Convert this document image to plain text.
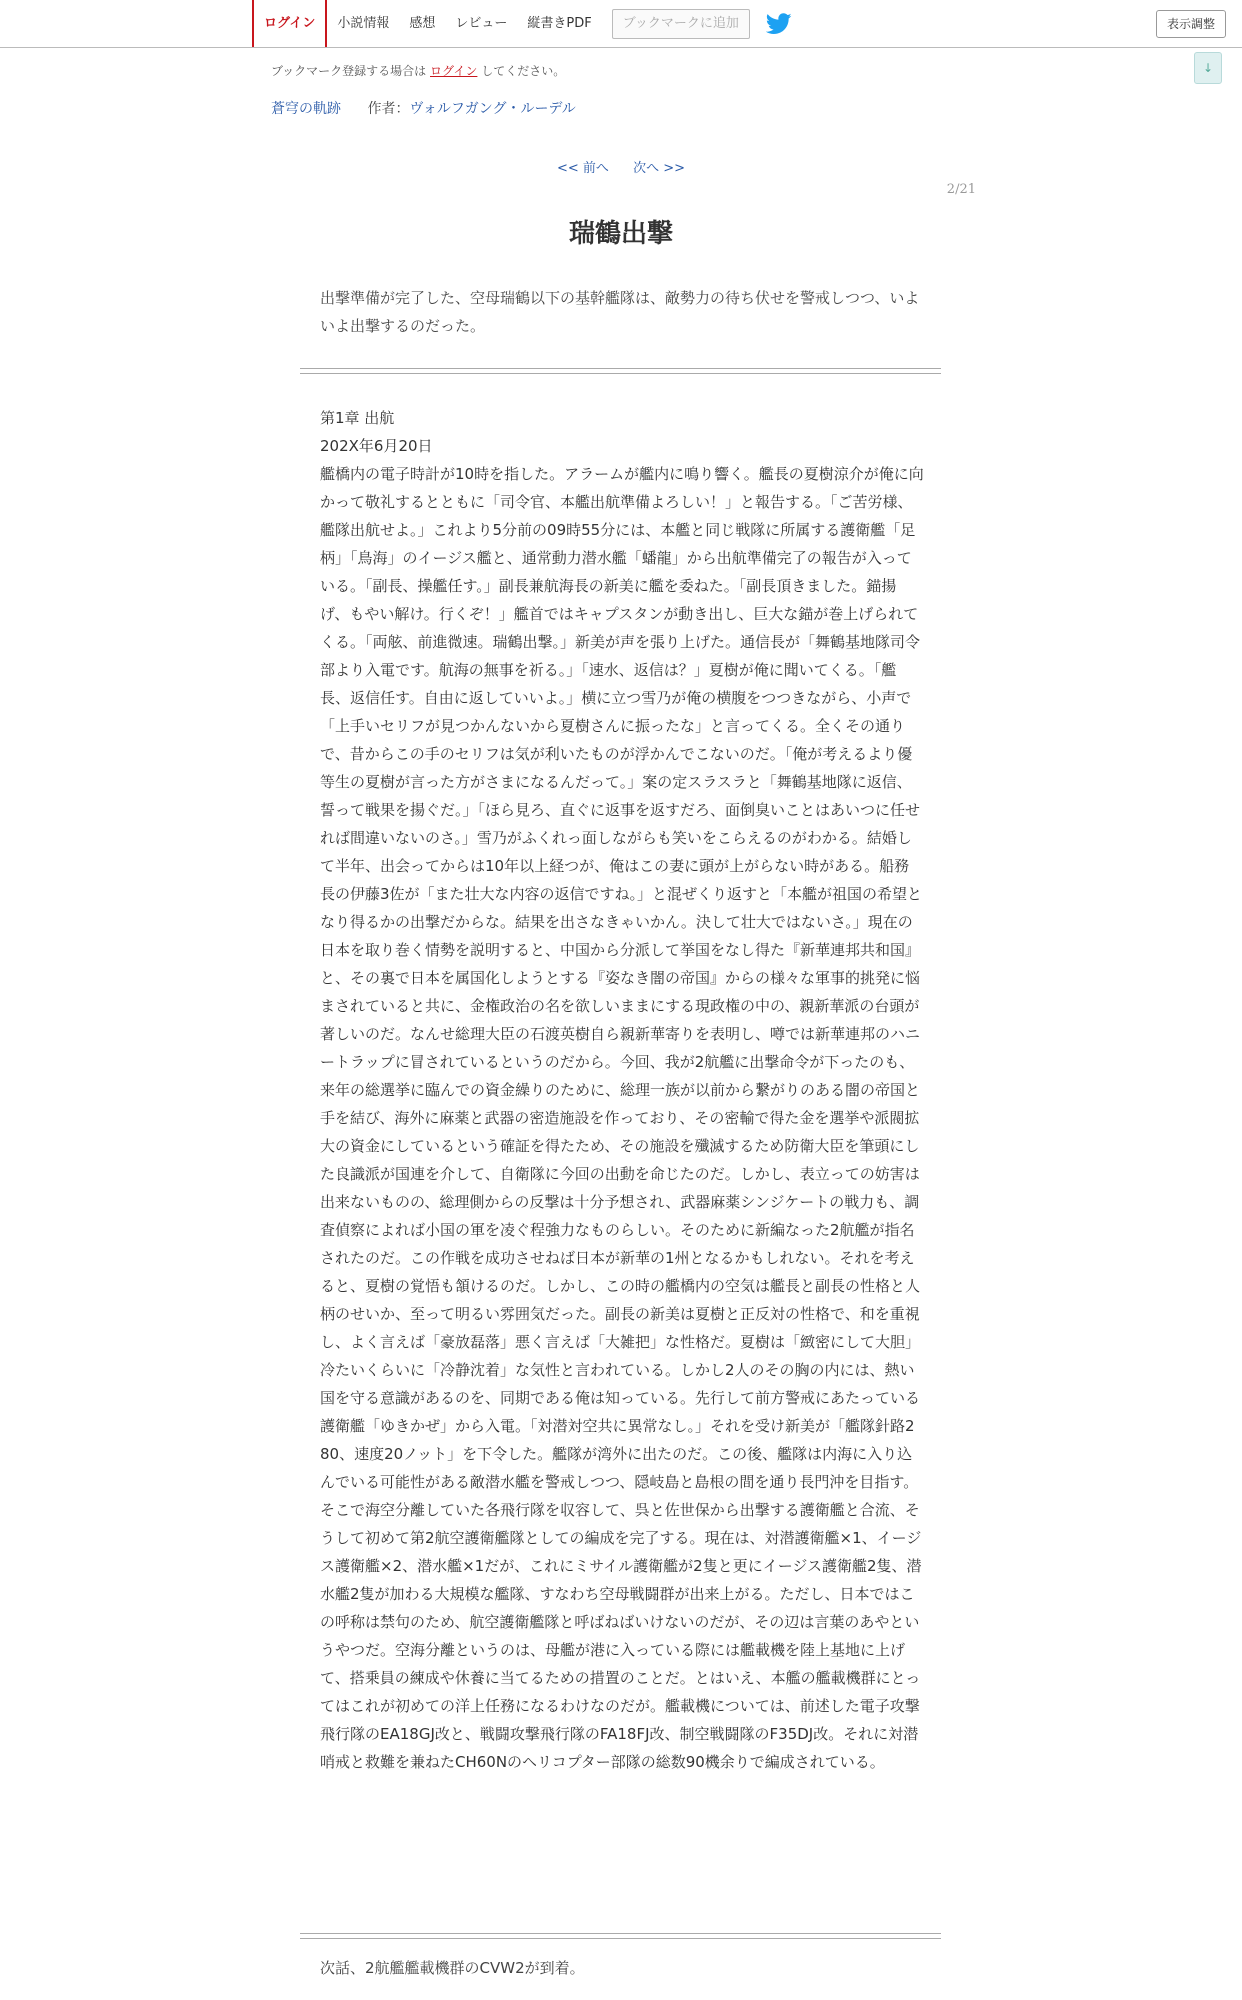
ログイン	小説情報	感想	レビュー	縦書きPDF	ブックマークに追加	表示調整
↓
ブックマーク登録する場合は ログイン してください。
蒼穹の軌跡 作者：ヴォルフガング・ルーデル
<< 前へ 次へ >>
2/21
瑞鶴出撃
出撃準備が完了した、空母瑞鶴以下の基幹艦隊は、敵勢力の待ち伏せを警戒しつつ、いよいよ出撃するのだった。
第1章 出航
202X年6月20日
艦橋内の電子時計が10時を指した。アラームが艦内に鳴り響く。艦長の夏樹涼介が俺に向かって敬礼するとともに「司令官、本艦出航準備よろしい！」と報告する。「ご苦労様、艦隊出航せよ。」これより5分前の09時55分には、本艦と同じ戦隊に所属する護衛艦「足柄」「鳥海」のイージス艦と、通常動力潜水艦「蟠龍」から出航準備完了の報告が入っている。「副長、操艦任す。」副長兼航海長の新美に艦を委ねた。「副長頂きました。錨揚げ、もやい解け。行くぞ！」艦首ではキャプスタンが動き出し、巨大な錨が巻上げられてくる。「両舷、前進微速。瑞鶴出撃。」新美が声を張り上げた。通信長が「舞鶴基地隊司令部より入電です。航海の無事を祈る。」「速水、返信は？」夏樹が俺に聞いてくる。「艦長、返信任す。自由に返していいよ。」横に立つ雪乃が俺の横腹をつつきながら、小声で「上手いセリフが見つかんないから夏樹さんに振ったな」と言ってくる。全くその通りで、昔からこの手のセリフは気が利いたものが浮かんでこないのだ。「俺が考えるより優等生の夏樹が言った方がさまになるんだって。」案の定スラスラと「舞鶴基地隊に返信、誓って戦果を揚ぐだ。」「ほら見ろ、直ぐに返事を返すだろ、面倒臭いことはあいつに任せれば間違いないのさ。」雪乃がふくれっ面しながらも笑いをこらえるのがわかる。結婚して半年、出会ってからは10年以上経つが、俺はこの妻に頭が上がらない時がある。船務長の伊藤3佐が「また壮大な内容の返信ですね。」と混ぜくり返すと「本艦が祖国の希望となり得るかの出撃だからな。結果を出さなきゃいかん。決して壮大ではないさ。」現在の日本を取り巻く情勢を説明すると、中国から分派して挙国をなし得た『新華連邦共和国』と、その裏で日本を属国化しようとする『姿なき闇の帝国』からの様々な軍事的挑発に悩まされていると共に、金権政治の名を欲しいままにする現政権の中の、親新華派の台頭が著しいのだ。なんせ総理大臣の石渡英樹自ら親新華寄りを表明し、噂では新華連邦のハニートラップに冒されているというのだから。今回、我が2航艦に出撃命令が下ったのも、来年の総選挙に臨んでの資金繰りのために、総理一族が以前から繋がりのある闇の帝国と手を結び、海外に麻薬と武器の密造施設を作っており、その密輸で得た金を選挙や派閥拡大の資金にしているという確証を得たため、その施設を殲滅するため防衛大臣を筆頭にした良識派が国連を介して、自衛隊に今回の出動を命じたのだ。しかし、表立っての妨害は出来ないものの、総理側からの反撃は十分予想され、武器麻薬シンジケートの戦力も、調査偵察によれば小国の軍を凌ぐ程強力なものらしい。そのために新編なった2航艦が指名されたのだ。この作戦を成功させねば日本が新華の1州となるかもしれない。それを考えると、夏樹の覚悟も頷けるのだ。しかし、この時の艦橋内の空気は艦長と副長の性格と人柄のせいか、至って明るい雰囲気だった。副長の新美は夏樹と正反対の性格で、和を重視し、よく言えば「豪放磊落」悪く言えば「大雑把」な性格だ。夏樹は「緻密にして大胆」冷たいくらいに「冷静沈着」な気性と言われている。しかし2人のその胸の内には、熱い国を守る意識があるのを、同期である俺は知っている。先行して前方警戒にあたっている護衛艦「ゆきかぜ」から入電。「対潜対空共に異常なし。」それを受け新美が「艦隊針路280、速度20ノット」を下令した。艦隊が湾外に出たのだ。この後、艦隊は内海に入り込んでいる可能性がある敵潜水艦を警戒しつつ、隠岐島と島根の間を通り長門沖を目指す。そこで海空分離していた各飛行隊を収容して、呉と佐世保から出撃する護衛艦と合流、そうして初めて第2航空護衛艦隊としての編成を完了する。現在は、対潜護衛艦×1、イージス護衛艦×2、潜水艦×1だが、これにミサイル護衛艦が2隻と更にイージス護衛艦2隻、潜水艦2隻が加わる大規模な艦隊、すなわち空母戦闘群が出来上がる。ただし、日本ではこの呼称は禁句のため、航空護衛艦隊と呼ばねばいけないのだが、その辺は言葉のあやというやつだ。空海分離というのは、母艦が港に入っている際には艦載機を陸上基地に上げて、搭乗員の練成や休養に当てるための措置のことだ。とはいえ、本艦の艦載機群にとってはこれが初めての洋上任務になるわけなのだが。艦載機については、前述した電子攻撃飛行隊のEA18GJ改と、戦闘攻撃飛行隊のFA18FJ改、制空戦闘隊のF35DJ改。それに対潜哨戒と救難を兼ねたCH60Nのヘリコプター部隊の総数90機余りで編成されている。
次話、2航艦艦載機群のCVW2が到着。
